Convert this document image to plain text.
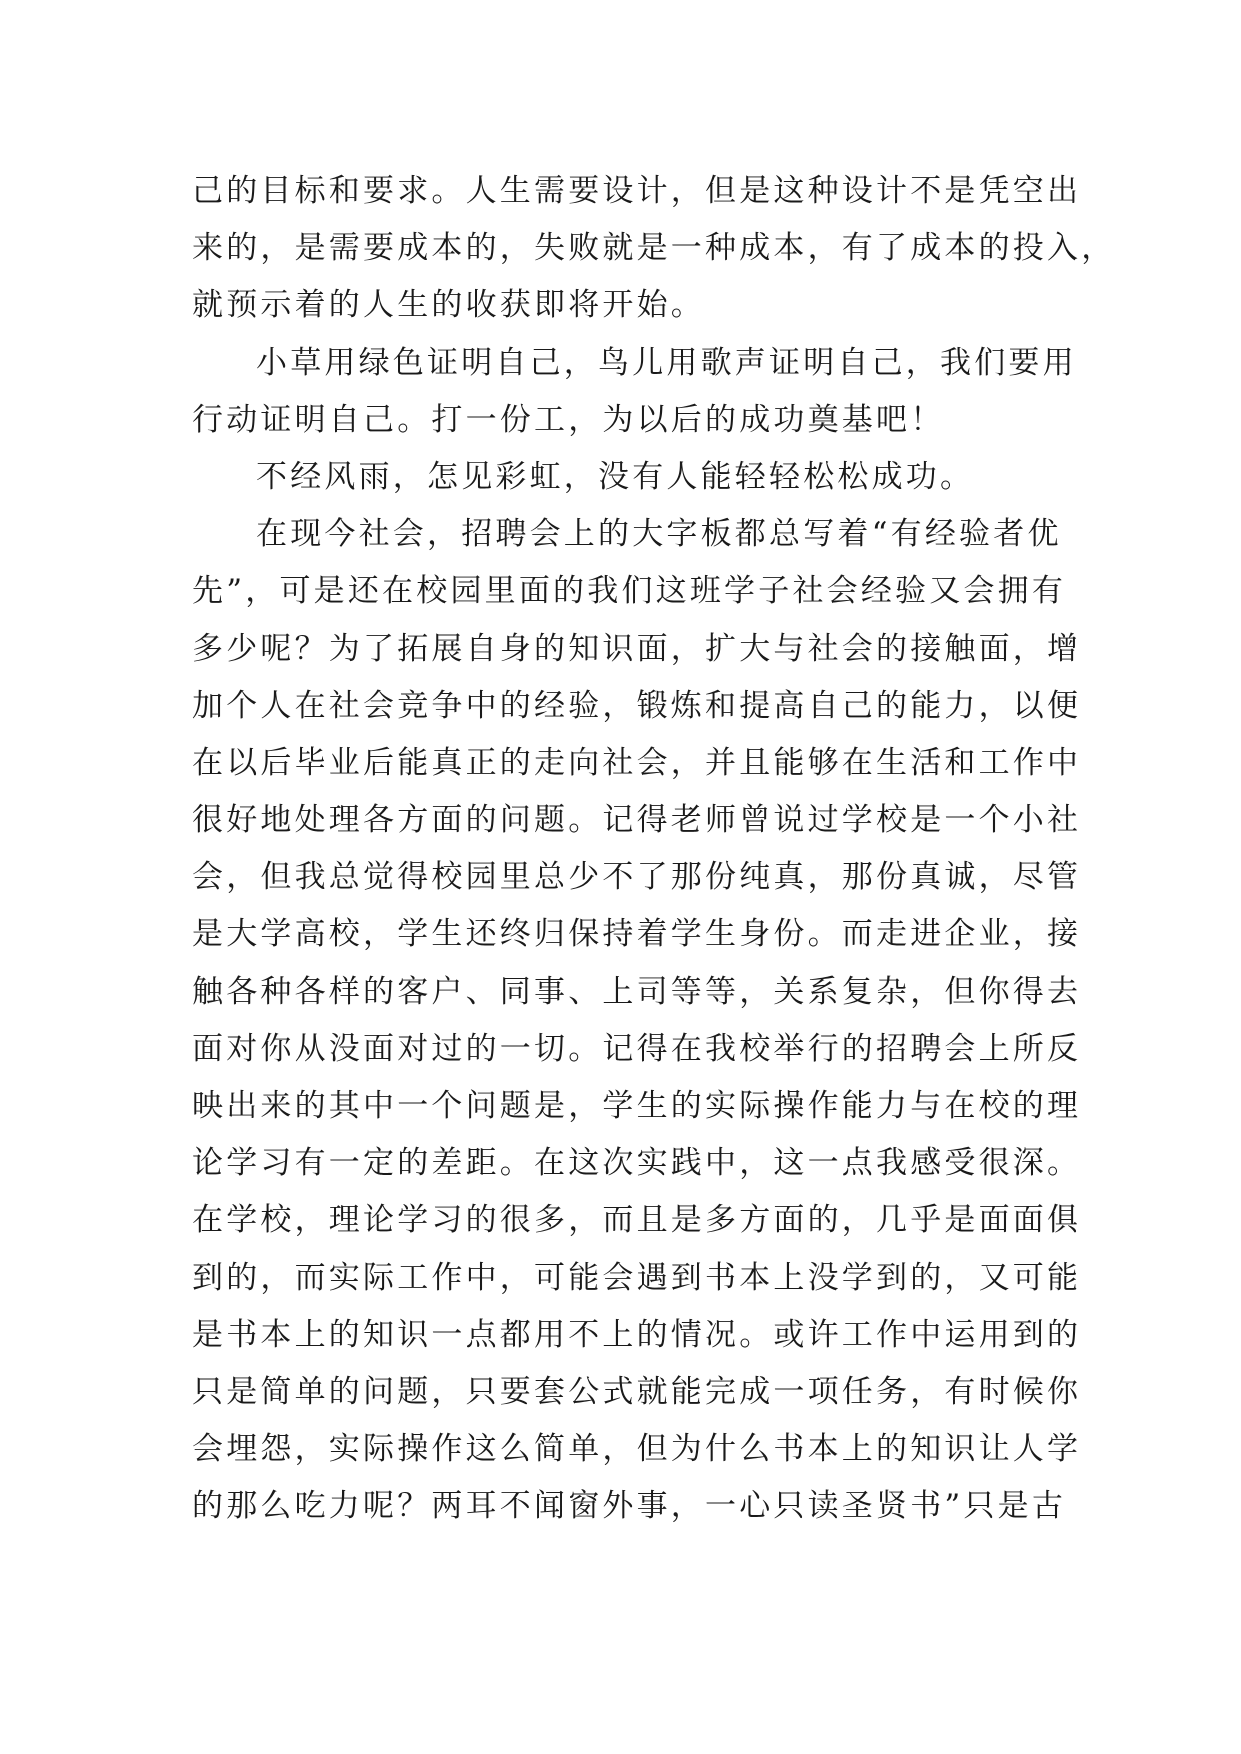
己的目标和要求。人生需要设计，但是这种设计不是凭空出
来的，是需要成本的，失败就是一种成本，有了成本的投入，
就预示着的人生的收获即将开始。
小草用绿色证明自己，鸟儿用歌声证明自己，我们要用
行动证明自己。打一份工，为以后的成功奠基吧！
不经风雨，怎见彩虹，没有人能轻轻松松成功。
在现今社会，招聘会上的大字板都总写着“有经验者优
先”，可是还在校园里面的我们这班学子社会经验又会拥有
多少呢？为了拓展自身的知识面，扩大与社会的接触面，增
加个人在社会竞争中的经验，锻炼和提高自己的能力，以便
在以后毕业后能真正的走向社会，并且能够在生活和工作中
很好地处理各方面的问题。记得老师曾说过学校是一个小社
会，但我总觉得校园里总少不了那份纯真，那份真诚，尽管
是大学高校，学生还终归保持着学生身份。而走进企业，接
触各种各样的客户、同事、上司等等，关系复杂，但你得去
面对你从没面对过的一切。记得在我校举行的招聘会上所反
映出来的其中一个问题是，学生的实际操作能力与在校的理
论学习有一定的差距。在这次实践中，这一点我感受很深。
在学校，理论学习的很多，而且是多方面的，几乎是面面俱
到的，而实际工作中，可能会遇到书本上没学到的，又可能
是书本上的知识一点都用不上的情况。或许工作中运用到的
只是简单的问题，只要套公式就能完成一项任务，有时候你
会埋怨，实际操作这么简单，但为什么书本上的知识让人学
的那么吃力呢？两耳不闻窗外事，一心只读圣贤书”只是古
